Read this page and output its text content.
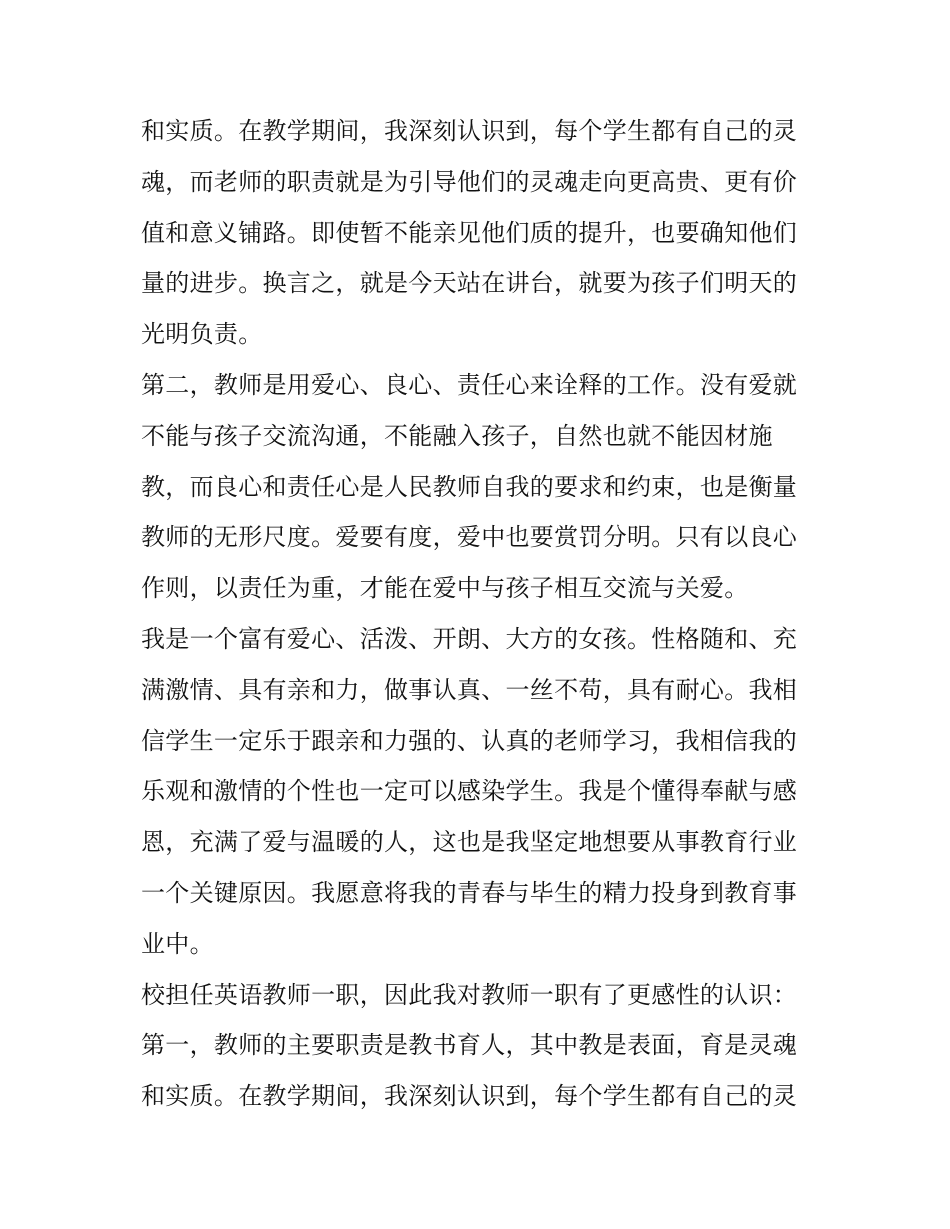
和实质。在教学期间，我深刻认识到，每个学生都有自己的灵
魂，而老师的职责就是为引导他们的灵魂走向更高贵、更有价
值和意义铺路。即使暂不能亲见他们质的提升，也要确知他们
量的进步。换言之，就是今天站在讲台，就要为孩子们明天的
光明负责。
第二，教师是用爱心、良心、责任心来诠释的工作。没有爱就
不能与孩子交流沟通，不能融入孩子，自然也就不能因材施
教，而良心和责任心是人民教师自我的要求和约束，也是衡量
教师的无形尺度。爱要有度，爱中也要赏罚分明。只有以良心
作则，以责任为重，才能在爱中与孩子相互交流与关爱。
我是一个富有爱心、活泼、开朗、大方的女孩。性格随和、充
满激情、具有亲和力，做事认真、一丝不苟，具有耐心。我相
信学生一定乐于跟亲和力强的、认真的老师学习，我相信我的
乐观和激情的个性也一定可以感染学生。我是个懂得奉献与感
恩，充满了爱与温暖的人，这也是我坚定地想要从事教育行业
一个关键原因。我愿意将我的青春与毕生的精力投身到教育事
业中。
校担任英语教师一职，因此我对教师一职有了更感性的认识：
第一，教师的主要职责是教书育人，其中教是表面，育是灵魂
和实质。在教学期间，我深刻认识到，每个学生都有自己的灵
